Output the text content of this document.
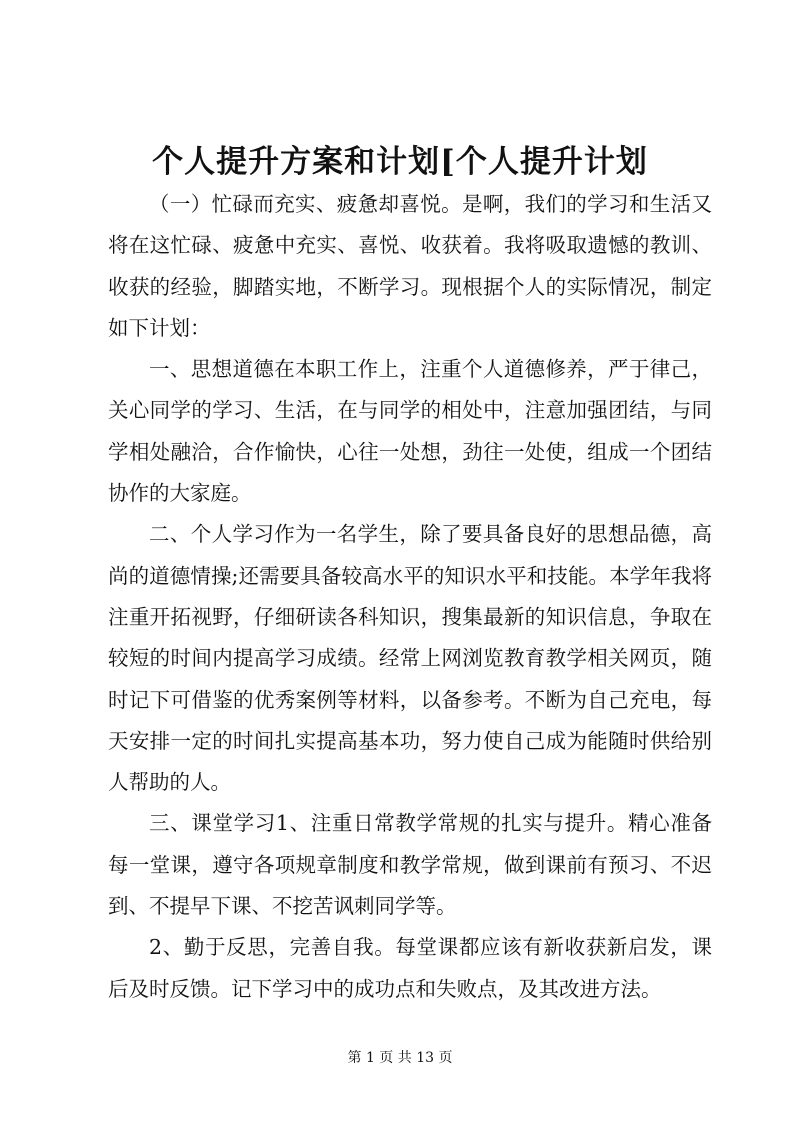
个人提升方案和计划[个人提升计划

（一）忙碌而充实、疲惫却喜悦。是啊，我们的学习和生活又将在这忙碌、疲惫中充实、喜悦、收获着。我将吸取遗憾的教训、收获的经验，脚踏实地，不断学习。现根据个人的实际情况，制定如下计划：

一、思想道德在本职工作上，注重个人道德修养，严于律己，关心同学的学习、生活，在与同学的相处中，注意加强团结，与同学相处融洽，合作愉快，心往一处想，劲往一处使，组成一个团结协作的大家庭。

二、个人学习作为一名学生，除了要具备良好的思想品德，高尚的道德情操;还需要具备较高水平的知识水平和技能。本学年我将注重开拓视野，仔细研读各科知识，搜集最新的知识信息，争取在较短的时间内提高学习成绩。经常上网浏览教育教学相关网页，随时记下可借鉴的优秀案例等材料，以备参考。不断为自己充电，每天安排一定的时间扎实提高基本功，努力使自己成为能随时供给别人帮助的人。

三、课堂学习1、注重日常教学常规的扎实与提升。精心准备每一堂课，遵守各项规章制度和教学常规，做到课前有预习、不迟到、不提早下课、不挖苦讽刺同学等。

2、勤于反思，完善自我。每堂课都应该有新收获新启发，课后及时反馈。记下学习中的成功点和失败点，及其改进方法。

第 1 页 共 13 页
